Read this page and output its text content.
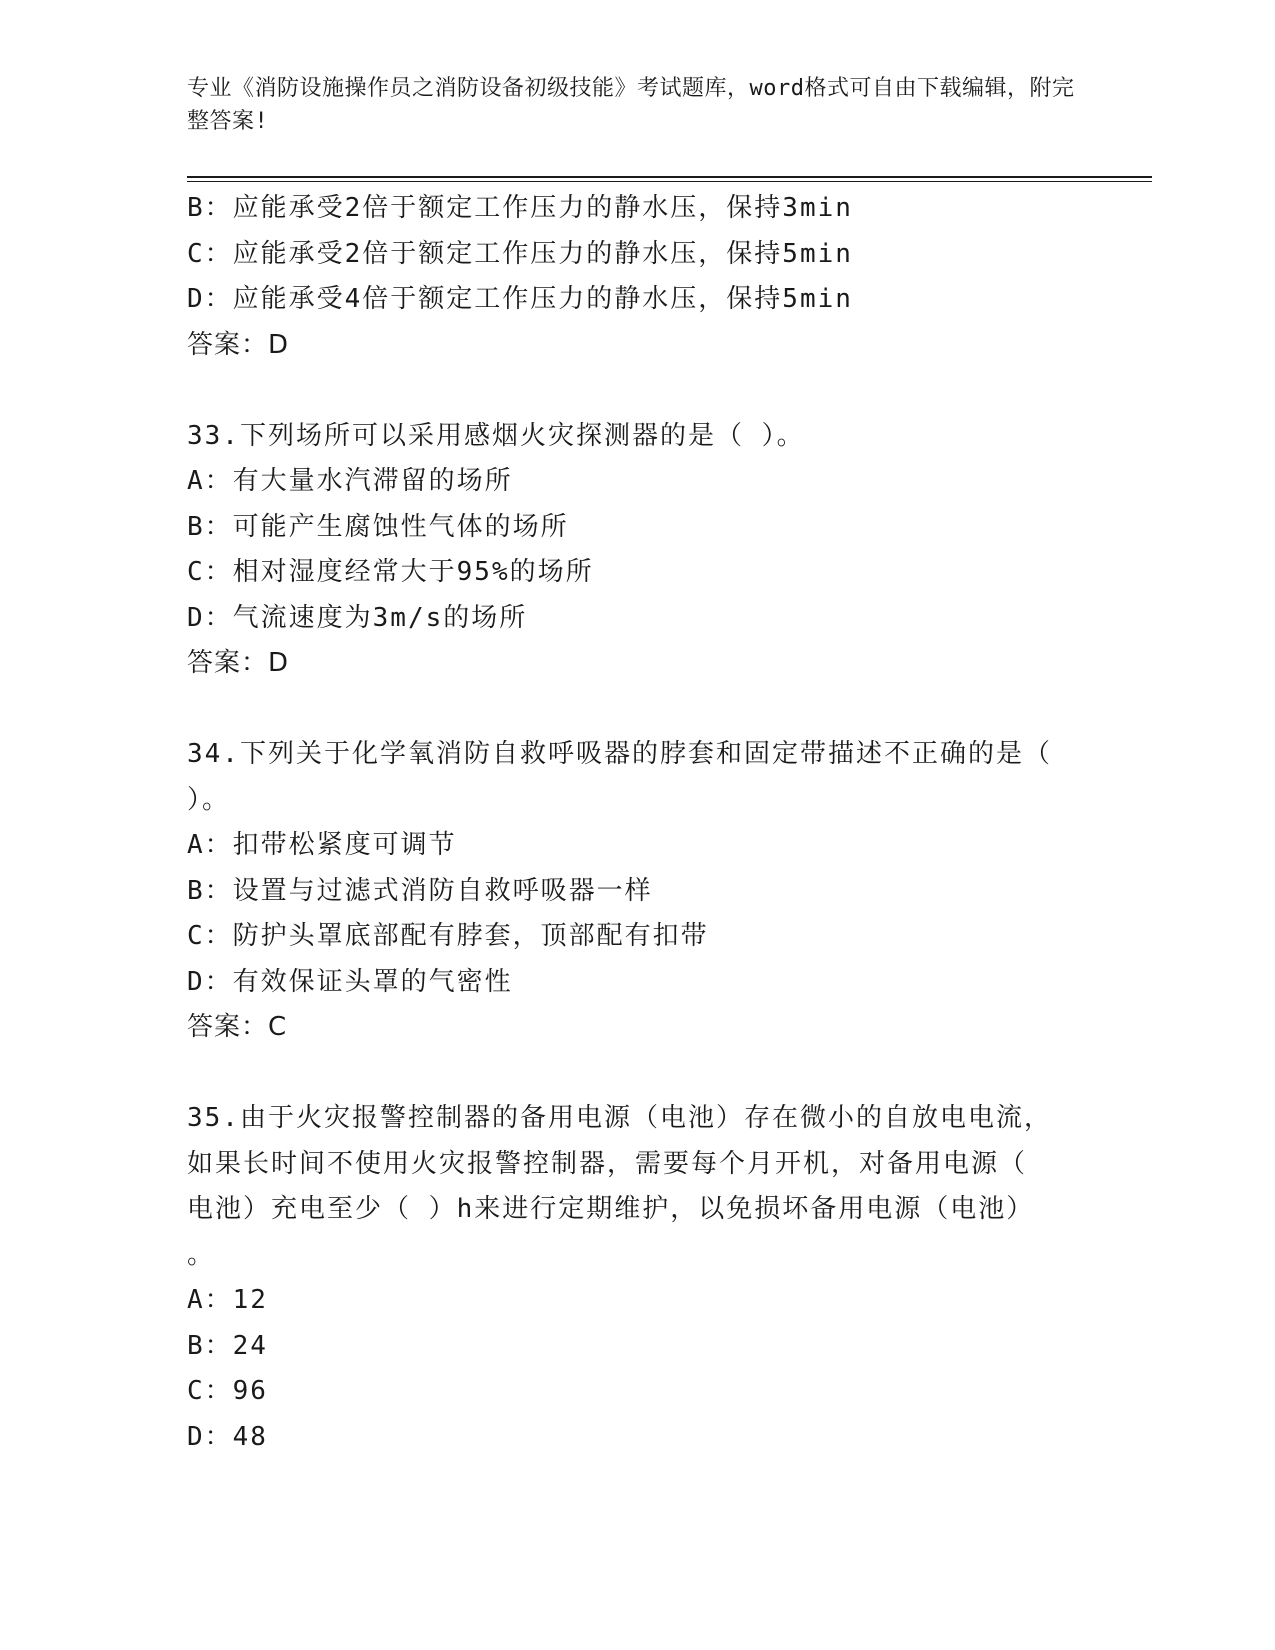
专业《消防设施操作员之消防设备初级技能》考试题库，word格式可自由下载编辑，附完整答案!
B：应能承受2倍于额定工作压力的静水压，保持3min
C：应能承受2倍于额定工作压力的静水压，保持5min
D：应能承受4倍于额定工作压力的静水压，保持5min
答案：D
33.下列场所可以采用感烟火灾探测器的是（ ）。
A：有大量水汽滞留的场所
B：可能产生腐蚀性气体的场所
C：相对湿度经常大于95%的场所
D：气流速度为3m/s的场所
答案：D
34.下列关于化学氧消防自救呼吸器的脖套和固定带描述不正确的是（
）。
A：扣带松紧度可调节
B：设置与过滤式消防自救呼吸器一样
C：防护头罩底部配有脖套，顶部配有扣带
D：有效保证头罩的气密性
答案：C
35.由于火灾报警控制器的备用电源（电池）存在微小的自放电电流，
如果长时间不使用火灾报警控制器，需要每个月开机，对备用电源（
电池）充电至少（ ）h来进行定期维护，以免损坏备用电源（电池）
。
A：12
B：24
C：96
D：48
